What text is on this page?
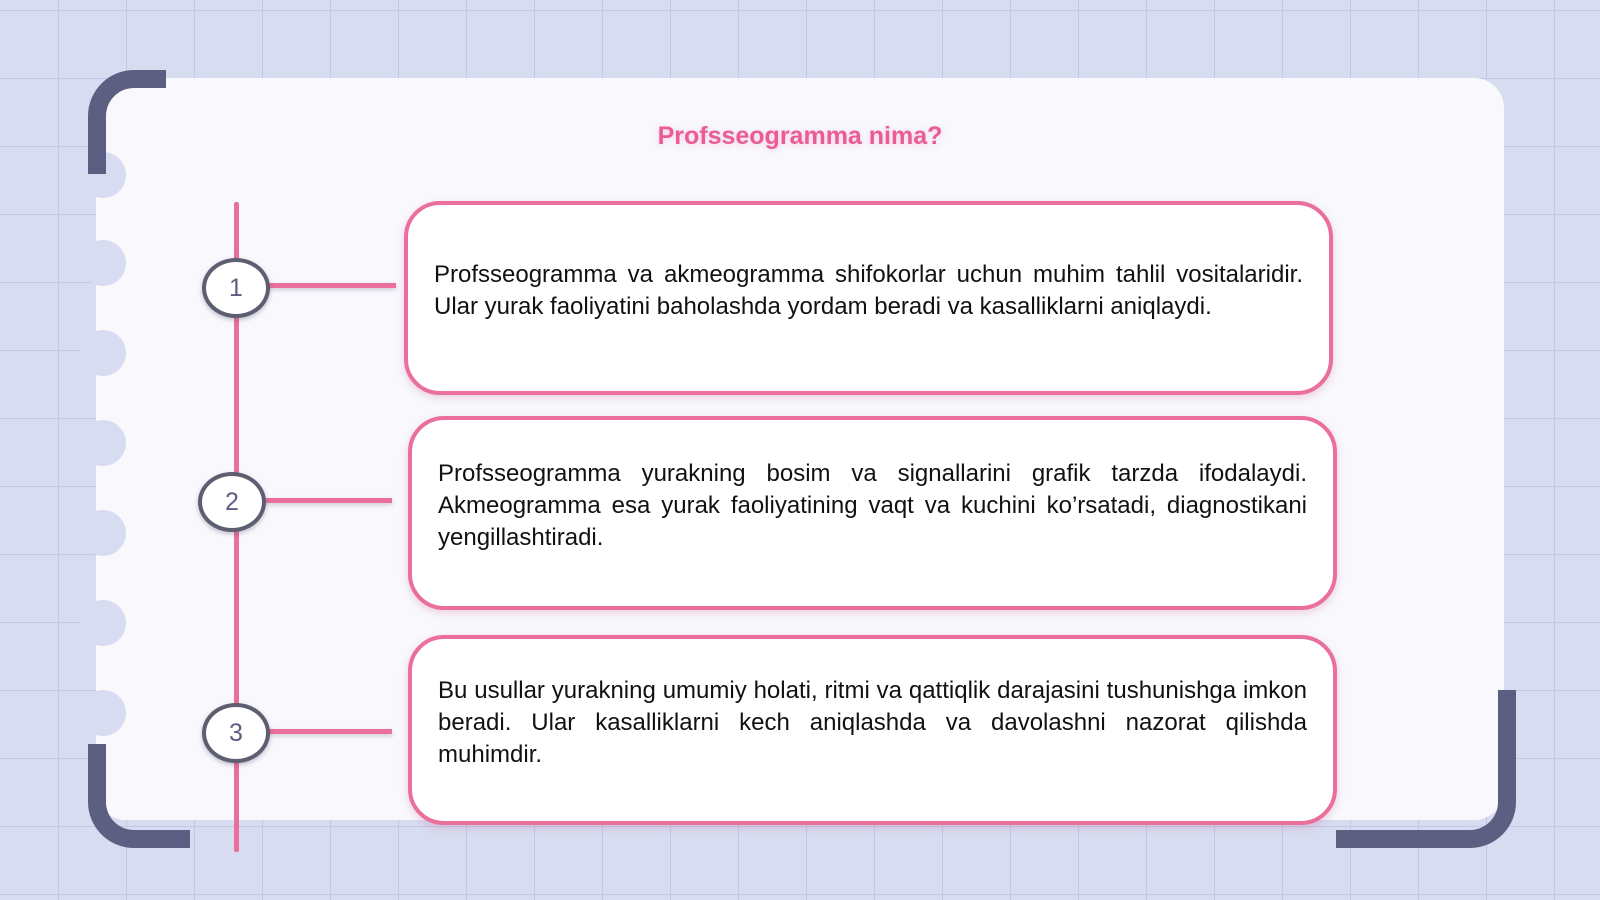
Profsseogramma nima?
1	Profsseogramma va akmeogramma shifokorlar uchun muhim tahlil vositalaridir. Ular yurak faoliyatini baholashda yordam beradi va kasalliklarni aniqlaydi.

2

Profsseogramma yurakning bosim va signallarini grafik tarzda ifodalaydi. Akmeogramma esa yurak faoliyatining vaqt va kuchini ko’rsatadi, diagnostikani yengillashtiradi.

3

Bu usullar yurakning umumiy holati, ritmi va qattiqlik darajasini tushunishga imkon beradi. Ular kasalliklarni kech aniqlashda va davolashni nazorat qilishda muhimdir.
